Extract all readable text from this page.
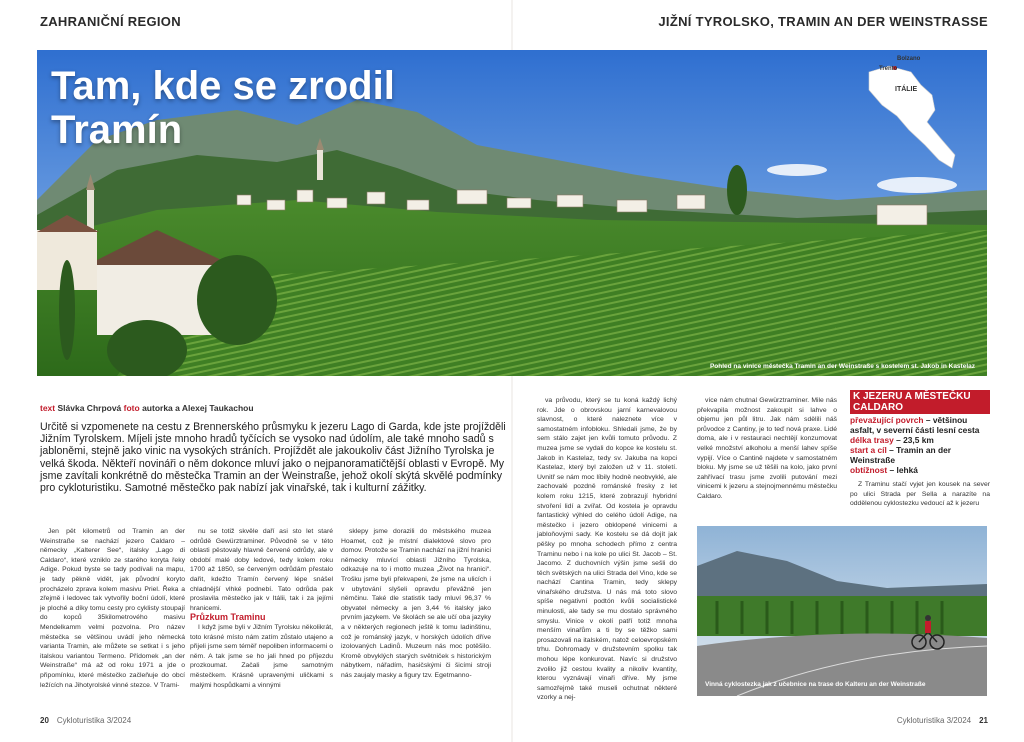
ZAHRANIČNÍ REGION	JIŽNÍ TYROLSKO, TRAMIN AN DER WEINSTRASSE
Tam, kde se zrodil
Tramín
Bolzano
Trento
ITÁLIE
Pohled na vinice městečka Tramin an der Weinstraße s kostelem st. Jakob in Kastelaz
text Slávka Chrpová foto autorka a Alexej Taukachou
Určitě si vzpomenete na cestu z Brennerského průsmyku k jezeru Lago di Garda, kde jste projížděli Jižním Tyrolskem. Míjeli jste mnoho hradů tyčících se vysoko nad údolím, ale také mnoho sadů s jabloněmi, stejně jako vinic na vysokých stráních. Projíždět ale jakoukoliv část Jižního Tyrolska je velká škoda. Někteří novináři o něm dokonce mluví jako o nejpanoramatičtější oblasti v Evropě. My jsme zavítali konkrétně do městečka Tramin an der Weinstraße, jehož okolí skýtá skvělé podmínky pro cykloturistiku. Samotné městečko pak nabízí jak vinařské, tak i kulturní zážitky.

Jen pět kilometrů od Tramin an der Weinstraße se nachází jezero Caldaro – německy „Kalterer See“, italsky „Lago di Caldaro“, které vzniklo ze starého koryta řeky Adige. Pokud byste se tady podívali na mapu, je tady pěkně vidět, jak původní koryto procházelo zprava kolem masivu Priel. Řeka a zřejmě i ledovec tak vytvořily boční údolí, které je ploché a díky tomu cesty pro cyklisty stoupají do kopců 35kilometrového masivu Mendelkamm velmi pozvolna. Pro název městečka se většinou uvádí jeho německá varianta Tramin, ale můžete se setkat i s jeho italskou variantou Termeno. Přídomek „an der Weinstraße“ má až od roku 1971 a jde o připomínku, které městečko začleňuje do obcí ležících na Jihotyrolské vinné stezce. V Trami-

nu se totiž skvěle daří asi sto let staré odrůdě Gewürztraminer. Původně se v této oblasti pěstovaly hlavně červené odrůdy, ale v období malé doby ledové, tedy kolem roku 1700 až 1850, se červeným odrůdám přestalo dařit, kdežto Tramín červený lépe snášel chladnější vlhké podnebí. Tato odrůda pak proslavila městečko jak v Itálii, tak i za jejími hranicemi.

Průzkum Traminu

I když jsme byli v Jižním Tyrolsku několikrát, toto krásné místo nám zatím zůstalo utajeno a přijeli jsme sem téměř nepoliben informacemi o něm. A tak jsme se ho jali hned po příjezdu prozkoumat. Začali jsme samotným městečkem. Krásně upravenými uličkami s malými hospůdkami a vinnými

sklepy jsme dorazili do městského muzea Hoamet, což je místní dialektové slovo pro domov. Protože se Tramin nachází na jižní hranici německy mluvící oblasti Jižního Tyrolska, odkazuje na to i motto muzea „Život na hranici“. Trošku jsme byli překvapeni, že jsme na ulicích i v ubytování slyšeli opravdu převážně jen němčinu. Také dle statistik tady mluví 96,37 % obyvatel německy a jen 3,44 % italsky jako prvním jazykem. Ve školách se ale učí oba jazyky a v některých regionech ještě k tomu ladinštinu, což je románský jazyk, v horských údolích dříve izolovaných Ladinů. Muzeum nás moc potěšilo. Kromě obvyklých starých světniček s historickým nábytkem, nářadím, hasičskými či šicími stroji nás zaujaly masky a figury tzv. Egetmanno-

va průvodu, který se tu koná každý lichý rok. Jde o obrovskou jarní karnevalovou slavnost, o které naleznete více v samostatném infobloku. Shledali jsme, že by sem stálo zajet jen kvůli tomuto průvodu. Z muzea jsme se vydali do kopce ke kostelu st. Jakob in Kastelaz, tedy sv. Jakuba na kopci Kastelaz, který byl založen už v 11. století. Uvnitř se nám moc líbily hodně neobvyklé, ale zachovalé pozdně románské fresky z let kolem roku 1215, které zobrazují hybridní stvoření lidí a zvířat. Od kostela je opravdu fantastický výhled do celého údolí Adige, na městečko i jezero obklopené vinicemi a jabloňovými sady. Ke kostelu se dá dojít jak pěšky po mnoha schodech přímo z centra Traminu nebo i na kole po ulici St. Jacob – St. Jacomo. Z duchovních výšin jsme sešli do těch světských na ulici Strada del Vino, kde se nachází Cantina Tramin, tedy sklepy vinařského družstva. U nás má toto slovo spíše negativní podtón kvůli socialistické minulosti, ale tady se mu dostalo správného smyslu. Vinice v okolí patří totiž mnoha menším vinařům a ti by se těžko sami prosazovali na italském, natož celoevropském trhu. Dohromady v družstevním spolku tak mohou lépe konkurovat. Navíc si družstvo zvolilo již cestou kvality a nikoliv kvantity, kterou vyznávají vinaři dříve. My jsme samozřejmě také museli ochutnat některé vzorky a nej-

více nám chutnal Gewürztraminer. Mile nás překvapila možnost zakoupit si lahve o objemu jen půl litru. Jak nám sdělili náš průvodce z Cantiny, je to teď nová praxe. Lidé doma, ale i v restauraci nechtějí konzumovat velké množství alkoholu a menší lahev spíše vypijí. Více o Cantině najdete v samostatném bloku. My jsme se už těšili na kolo, jako první zahřívací trasu jsme zvolili putování mezi vinicemi k jezeru a stejnojmennému městečku Caldaro.

K JEZERU A MĚSTEČKU CALDARO
převažující povrch – většinou asfalt, v severní části lesní cesta
délka trasy – 23,5 km
start a cíl – Tramin an der Weinstraße
obtížnost – lehká

Z Traminu stačí vyjet jen kousek na sever po ulici Strada per Sella a narazíte na oddělenou cyklostezku vedoucí až k jezeru

Vinná cyklostezka jak z učebnice na trase do Kalteru an der Weinstraße
20 Cykloturistika 3/2024	Cykloturistika 3/2024 21
